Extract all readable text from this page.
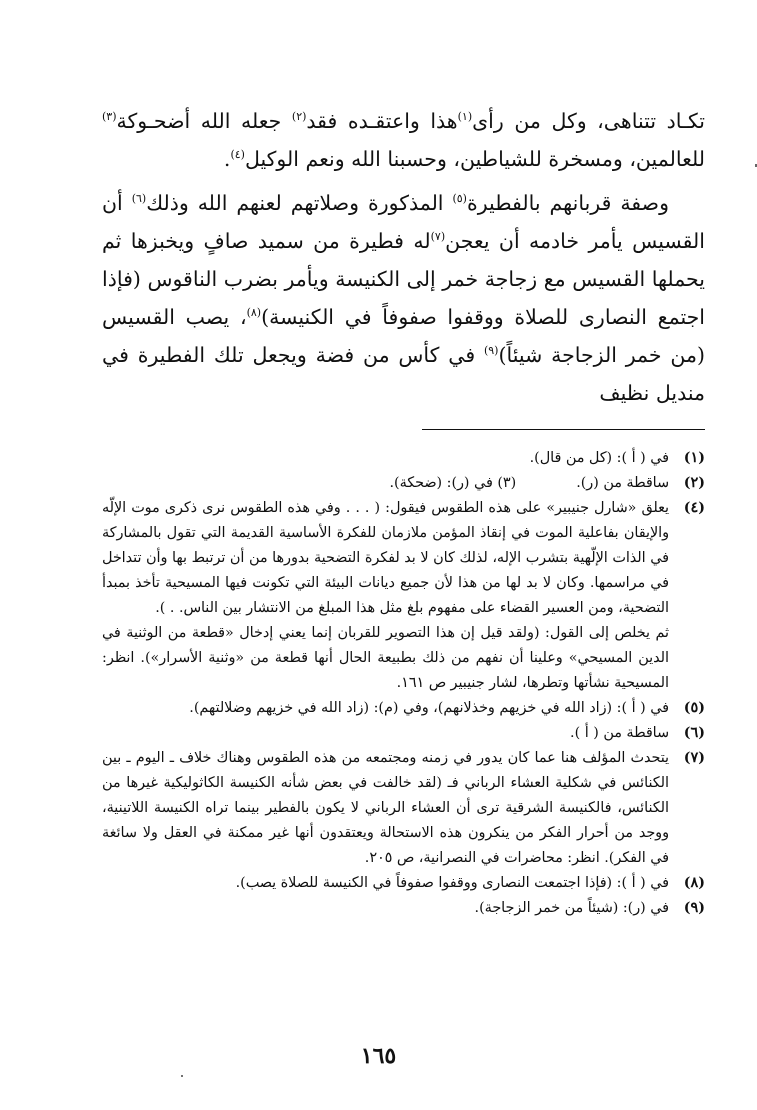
تكـاد تتناهى، وكل من رأى$^{(١)}$هذا واعتقـده فقد$^{(٢)}$ جعله الله أضحـوكة$^{(٣)}$ للعالمين، ومسخرة للشياطين، وحسبنا الله ونعم الوكيل$^{(٤)}$.

وصفة قربانهم بالفطيرة$^{(٥)}$ المذكورة وصلاتهم لعنهم الله وذلك$^{(٦)}$ أن القسيس يأمر خادمه أن يعجن$^{(٧)}$له فطيرة من سميد صافٍ ويخبزها ثم يحملها القسيس مع زجاجة خمر إلى الكنيسة ويأمر بضرب الناقوس (فإذا اجتمع النصارى للصلاة ووقفوا صفوفاً في الكنيسة)$^{(٨)}$، يصب القسيس (من خمر الزجاجة شيئاً)$^{(٩)}$ في كأس من فضة ويجعل تلك الفطيرة في منديل نظيف

(١)
في ( أ ): (كل من قال).
(٢)
ساقطة من (ر).
(٣) في (ر): (ضحكة).
(٤)
يعلق «شارل جنيبير» على هذه الطقوس فيقول: ( . . . وفي هذه الطقوس نرى ذكرى موت الإلّه والإيقان بفاعلية الموت في إنقاذ المؤمن ملازمان للفكرة الأساسية القديمة التي تقول بالمشاركة في الذات الإلّهية بتشرب الإله، لذلك كان لا بد لفكرة التضحية بدورها من أن ترتبط بها وأن تتداخل في مراسمها. وكان لا بد لها من هذا لأن جميع ديانات البيئة التي تكونت فيها المسيحية تأخذ بمبدأ التضحية، ومن العسير القضاء على مفهوم بلغ مثل هذا المبلغ من الانتشار بين الناس. . ).
ثم يخلص إلى القول: (ولقد قيل إن هذا التصوير للقربان إنما يعني إدخال «قطعة من الوثنية في الدين المسيحي» وعلينا أن نفهم من ذلك بطبيعة الحال أنها قطعة من «وثنية الأسرار»). انظر: المسيحية نشأتها وتطرها، لشار جنيبير ص ١٦١.
(٥)
في ( أ ): (زاد الله في خزيهم وخذلانهم)، وفي (م): (زاد الله في خزيهم وضلالتهم).
(٦)
ساقطة من ( أ ).
(٧)
يتحدث المؤلف هنا عما كان يدور في زمنه ومجتمعه من هذه الطقوس وهناك خلاف ـ اليوم ـ بين الكنائس في شكلية العشاء الرباني فـ (لقد خالفت في بعض شأنه الكنيسة الكاثوليكية غيرها من الكنائس، فالكنيسة الشرقية ترى أن العشاء الرباني لا يكون بالفطير بينما تراه الكنيسة اللاتينية، ووجد من أحرار الفكر من ينكرون هذه الاستحالة ويعتقدون أنها غير ممكنة في العقل ولا سائغة في الفكر). انظر: محاضرات في النصرانية، ص ٢٠٥.
(٨)
في ( أ ): (فإذا اجتمعت النصارى ووقفوا صفوفاً في الكنيسة للصلاة يصب).
(٩)
في (ر): (شيئاً من خمر الزجاجة).
١٦٥
